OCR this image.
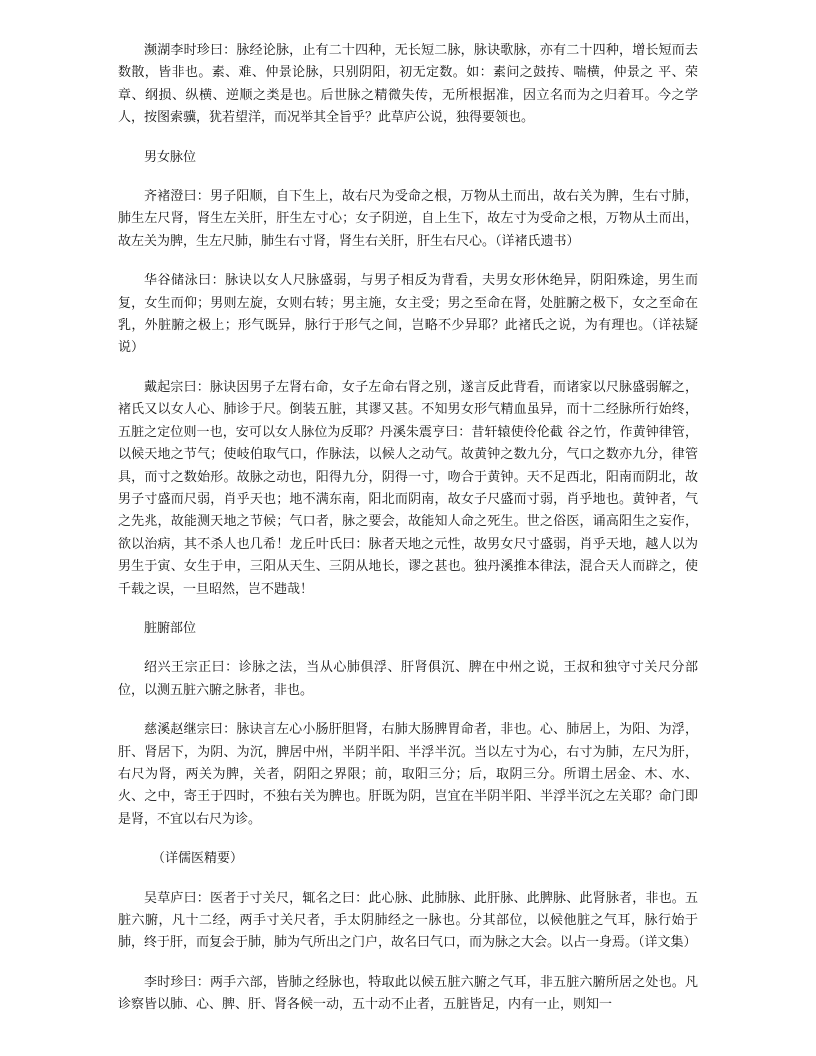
濒湖李时珍曰：脉经论脉，止有二十四种，无长短二脉，脉诀歌脉，亦有二十四种，增长短而去数散，皆非也。素、难、仲景论脉，只别阴阳，初无定数。如：素问之鼓抟、喘横，仲景之 平、荣章、纲损、纵横、逆顺之类是也。后世脉之精微失传，无所根据准，因立名而为之归着耳。今之学人，按图索骥，犹若望洋，而况举其全旨乎？此草庐公说，独得要领也。

男女脉位

齐褚澄曰：男子阳顺，自下生上，故右尺为受命之根，万物从土而出，故右关为脾，生右寸肺，肺生左尺肾，肾生左关肝，肝生左寸心；女子阴逆，自上生下，故左寸为受命之根，万物从土而出，故左关为脾，生左尺肺，肺生右寸肾，肾生右关肝，肝生右尺心。（详褚氏遗书）

华谷储泳曰：脉诀以女人尺脉盛弱，与男子相反为背看，夫男女形休绝异，阴阳殊途，男生而复，女生而仰；男则左旋，女则右转；男主施，女主受；男之至命在肾，处脏腑之极下，女之至命在乳，外脏腑之极上；形气既异，脉行于形气之间，岂略不少异耶？此褚氏之说，为有理也。（详祛疑说）

戴起宗曰：脉诀因男子左肾右命，女子左命右肾之别，遂言反此背看，而诸家以尺脉盛弱解之，褚氏又以女人心、肺诊于尺。倒装五脏，其谬又甚。不知男女形气精血虽异，而十二经脉所行始终，五脏之定位则一也，安可以女人脉位为反耶？丹溪朱震亨曰：昔轩辕使伶伦截 谷之竹，作黄钟律管，以候天地之节气；使岐伯取气口，作脉法，以候人之动气。故黄钟之数九分，气口之数亦九分，律管具，而寸之数始形。故脉之动也，阳得九分，阴得一寸，吻合于黄钟。天不足西北，阳南而阴北，故男子寸盛而尺弱，肖乎天也；地不满东南，阳北而阴南，故女子尺盛而寸弱，肖乎地也。黄钟者，气之先兆，故能测天地之节候；气口者，脉之要会，故能知人命之死生。世之俗医，诵高阳生之妄作，欲以治病，其不杀人也几希！龙丘叶氏曰：脉者天地之元性，故男女尺寸盛弱，肖乎天地，越人以为男生于寅、女生于申，三阳从天生、三阴从地长，谬之甚也。独丹溪推本律法，混合天人而辟之，使千载之误，一旦昭然，岂不韪哉！

脏腑部位

绍兴王宗正曰：诊脉之法，当从心肺俱浮、肝肾俱沉、脾在中州之说，王叔和独守寸关尺分部位，以测五脏六腑之脉者，非也。

慈溪赵继宗曰：脉诀言左心小肠肝胆肾，右肺大肠脾胃命者，非也。心、肺居上，为阳、为浮，肝、肾居下，为阴、为沉，脾居中州，半阴半阳、半浮半沉。当以左寸为心，右寸为肺，左尺为肝，右尺为肾，两关为脾，关者，阴阳之界限；前，取阳三分；后，取阴三分。所谓土居金、木、水、火、之中，寄王于四时，不独右关为脾也。肝既为阴，岂宜在半阴半阳、半浮半沉之左关耶？命门即是肾，不宜以右尺为诊。

（详儒医精要）

吴草庐曰：医者于寸关尺，辄名之曰：此心脉、此肺脉、此肝脉、此脾脉、此肾脉者，非也。五脏六腑，凡十二经，两手寸关尺者，手太阴肺经之一脉也。分其部位，以候他脏之气耳，脉行始于肺，终于肝，而复会于肺，肺为气所出之门户，故名曰气口，而为脉之大会。以占一身焉。（详文集）

李时珍曰：两手六部，皆肺之经脉也，特取此以候五脏六腑之气耳，非五脏六腑所居之处也。凡诊察皆以肺、心、脾、肝、肾各候一动，五十动不止者，五脏皆足，内有一止，则知一
